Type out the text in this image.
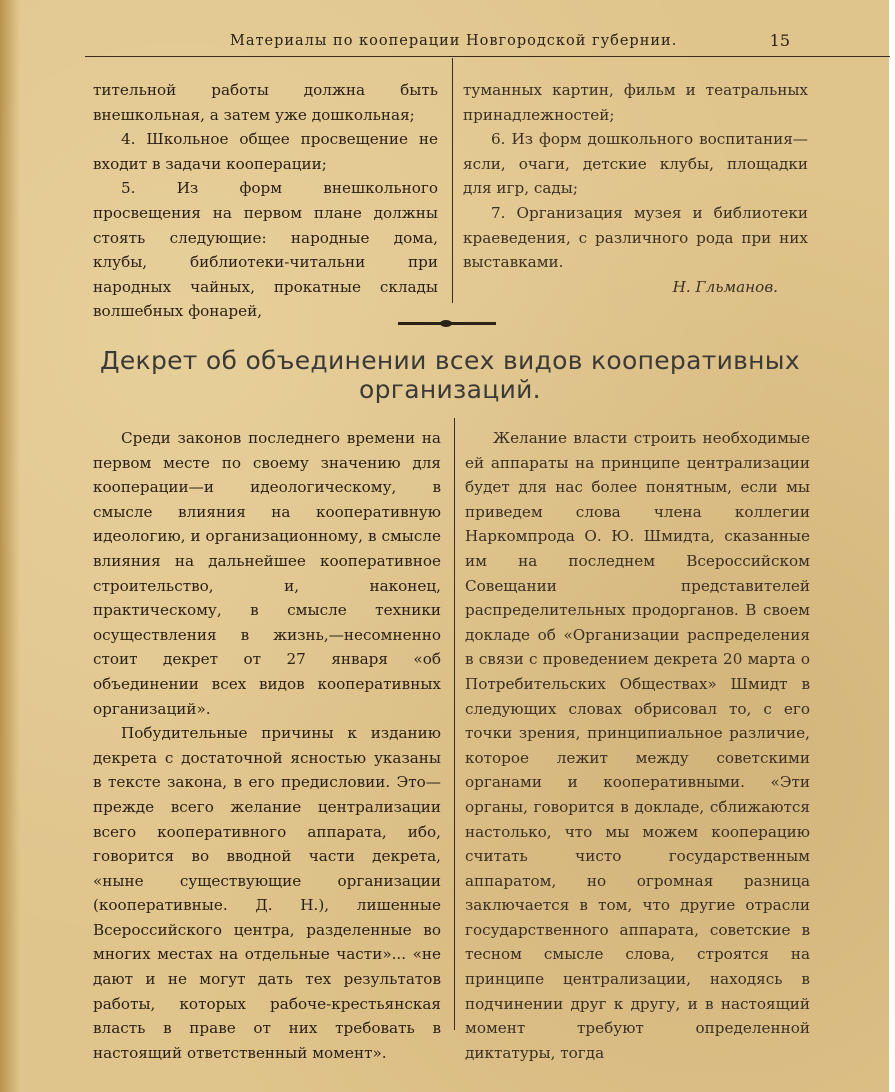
Материалы по кооперации Новгородской губернии.	15

тительной работы должна быть внешкольная, а затем уже дошкольная;

4. Школьное общее просвещение не входит в задачи кооперации;

5. Из форм внешкольного просвещения на первом плане должны стоять следующие: народные дома, клубы, библиотеки-читальни при народных чайных, прокатные склады волшебных фонарей,

туманных картин, фильм и театральных принадлежностей;

6. Из форм дошкольного воспитания—ясли, очаги, детские клубы, площадки для игр, сады;

7. Организация музея и библиотеки краеведения, с различного рода при них выставками.

Н. Гльманов.

Декрет об объединении всех видов кооперативных организаций.

Среди законов последнего времени на первом месте по своему значению для кооперации—и идеологическому, в смысле влияния на кооперативную идеологию, и организационному, в смысле влияния на дальнейшее кооперативное строительство, и, наконец, практическому, в смысле техники осуществления в жизнь,—несомненно стоит декрет от 27 января «об объединении всех видов кооперативных организаций».

Побудительные причины к изданию декрета с достаточной ясностью указаны в тексте закона, в его предисловии. Это—прежде всего желание централизации всего кооперативного аппарата, ибо, говорится во вводной части декрета, «ныне существующие организации (кооперативные. Д. Н.), лишенные Всероссийского центра, разделенные во многих местах на отдельные части»... «не дают и не могут дать тех результатов работы, которых рабоче-крестьянская власть в праве от них требовать в настоящий ответственный момент».

Желание власти строить необходимые ей аппараты на принципе централизации будет для нас более понятным, если мы приведем слова члена коллегии Наркомпрода О. Ю. Шмидта, сказанные им на последнем Всероссийском Совещании представителей распределительных продорганов. В своем докладе об «Организации распределения в связи с проведением декрета 20 марта о Потребительских Обществах» Шмидт в следующих словах обрисовал то, с его точки зрения, принципиальное различие, которое лежит между советскими органами и кооперативными. «Эти органы, говорится в докладе, сближаются настолько, что мы можем кооперацию считать чисто государственным аппаратом, но огромная разница заключается в том, что другие отрасли государственного аппарата, советские в тесном смысле слова, строятся на принципе централизации, находясь в подчинении друг к другу, и в настоящий момент требуют определенной диктатуры, тогда
